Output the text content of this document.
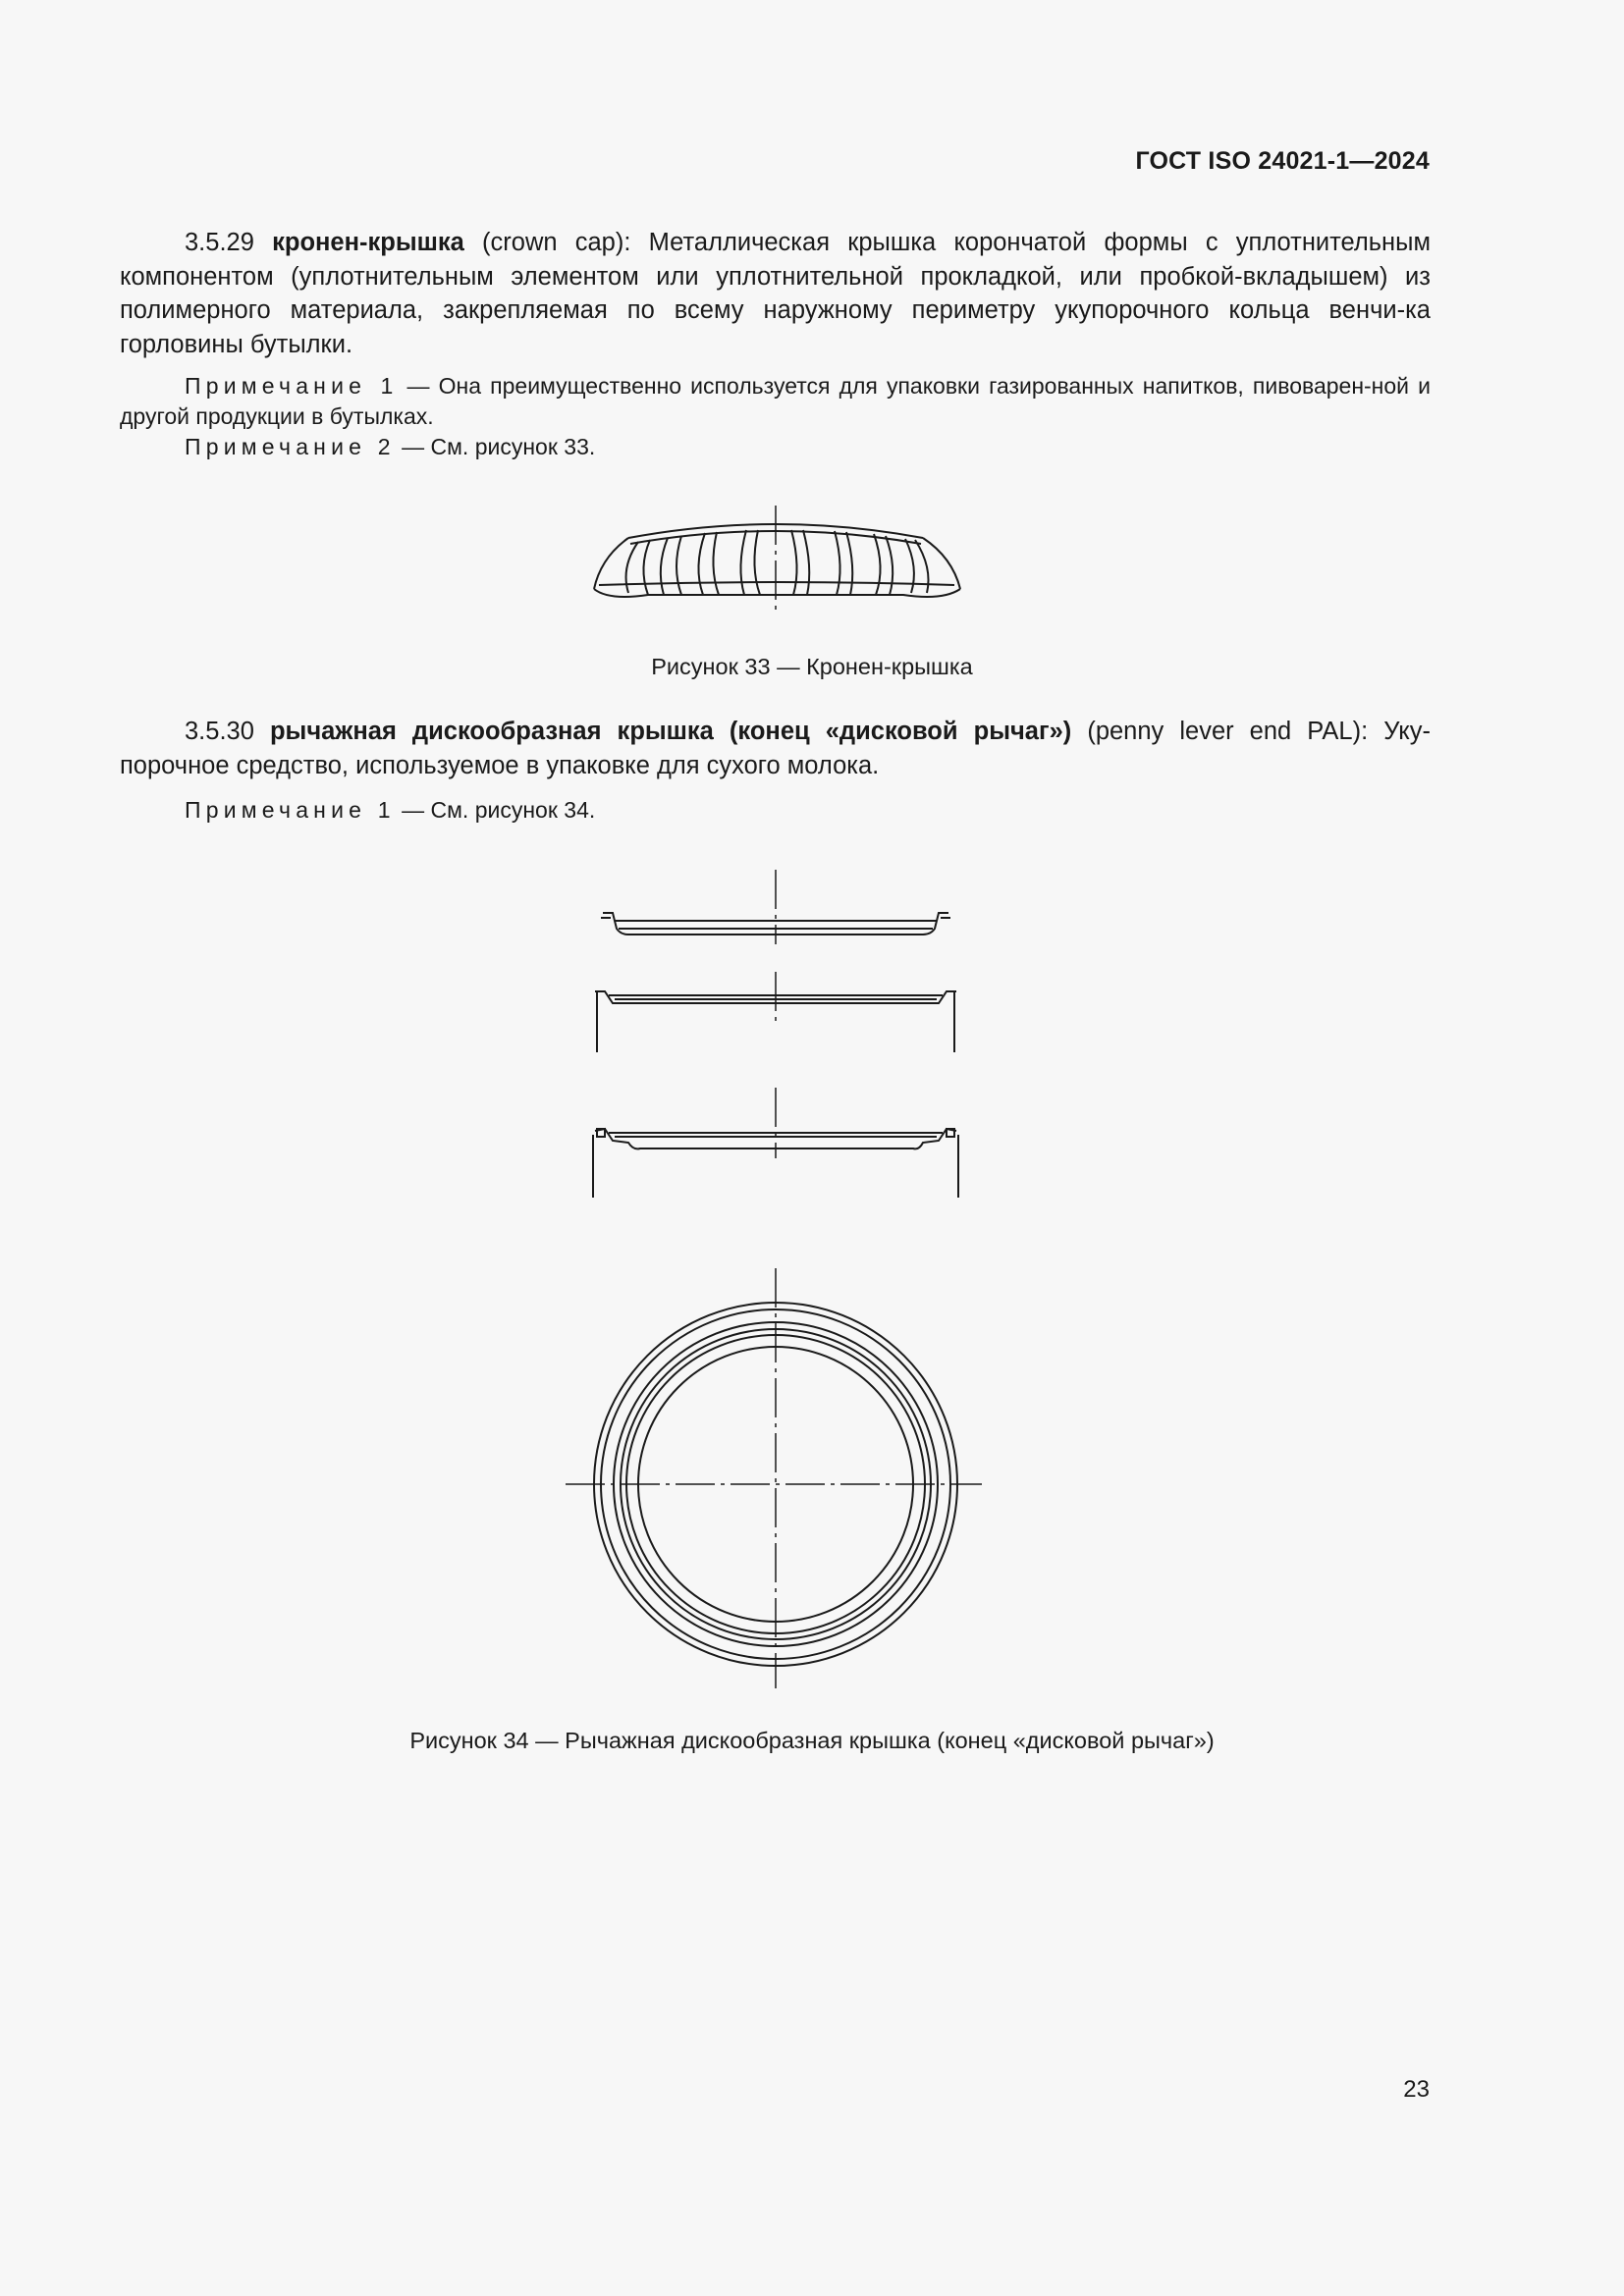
ГОСТ ISO 24021-1—2024
3.5.29 кронен-крышка (crown cap): Металлическая крышка корончатой формы с уплотнительным компонентом (уплотнительным элементом или уплотнительной прокладкой, или пробкой-вкладышем) из полимерного материала, закрепляемая по всему наружному периметру укупорочного кольца венчи-ка горловины бутылки.
Примечание 1 — Она преимущественно используется для упаковки газированных напитков, пивоварен-ной и другой продукции в бутылках.
Примечание 2 — См. рисунок 33.
Рисунок 33 — Кронен-крышка
3.5.30 рычажная дискообразная крышка (конец «дисковой рычаг») (penny lever end PAL): Уку-порочное средство, используемое в упаковке для сухого молока.
Примечание 1 — См. рисунок 34.
Рисунок 34 — Рычажная дискообразная крышка (конец «дисковой рычаг»)
23
